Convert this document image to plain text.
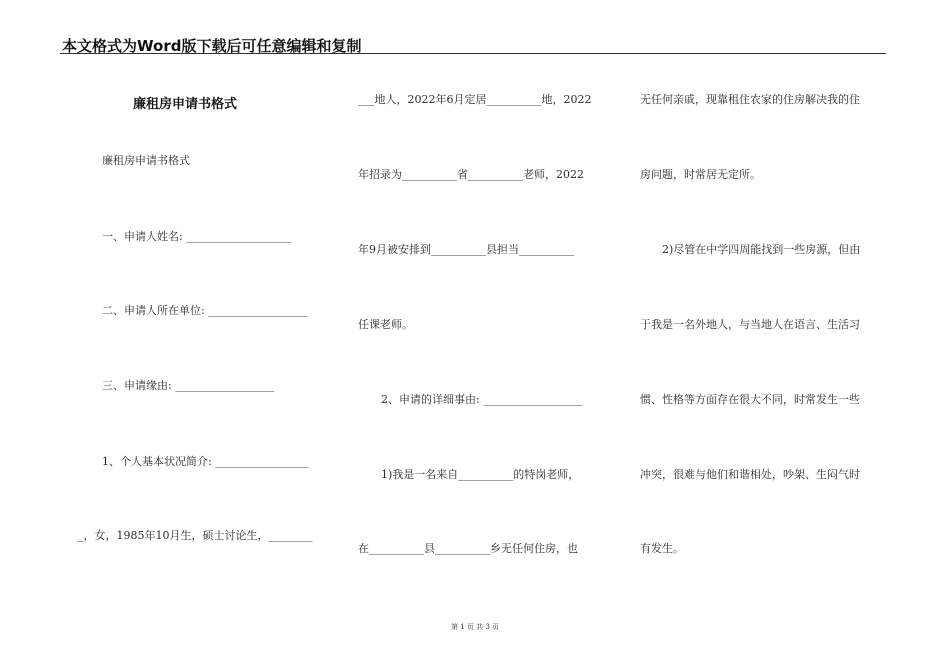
本文格式为Word版下载后可任意编辑和复制
廉租房申请书格式
廉租房申请书格式
一、申请人姓名: ___________________
二、申请人所在单位: __________________
三、申请缘由: __________________
1、个人基本状况简介: _________________
_，女，1985年10月生，硕士讨论生，________
___地人，2022年6月定居__________地，2022
年招录为__________省__________老师，2022
年9月被安排到__________县担当__________
任课老师。
2、申请的详细事由: __________________
1)我是一名来自__________的特岗老师，
在__________县__________乡无任何住房，也
无任何亲戚，现靠租住农家的住房解决我的住
房问题，时常居无定所。
2)尽管在中学四周能找到一些房源，但由
于我是一名外地人，与当地人在语言、生活习
惯、性格等方面存在很大不同，时常发生一些
冲突，很难与他们和谐相处，吵架、生闷气时
有发生。
第 1 页 共 3 页
